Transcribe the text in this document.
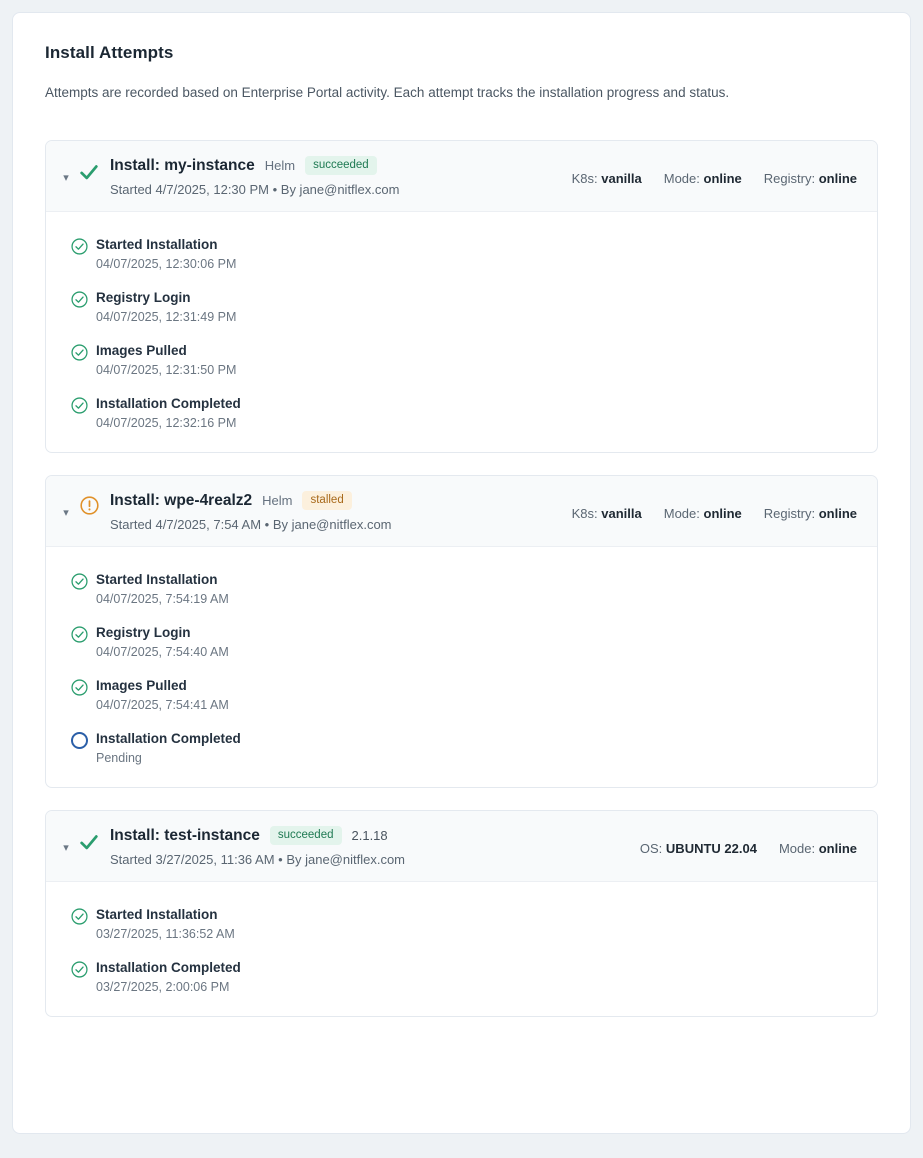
Install Attempts
Attempts are recorded based on Enterprise Portal activity. Each attempt tracks the installation progress and status.
▾
Install: my-instance Helm	succeeded
Started 4/7/2025, 12:30 PM • By jane@nitflex.com
K8s: vanilla Mode: online Registry: online
Started Installation
04/07/2025, 12:30:06 PM
Registry Login
04/07/2025, 12:31:49 PM
Images Pulled
04/07/2025, 12:31:50 PM
Installation Completed
04/07/2025, 12:32:16 PM
▾
Install: wpe-4realz2 Helm	stalled
Started 4/7/2025, 7:54 AM • By jane@nitflex.com
K8s: vanilla Mode: online Registry: online
Started Installation
04/07/2025, 7:54:19 AM
Registry Login
04/07/2025, 7:54:40 AM
Images Pulled
04/07/2025, 7:54:41 AM
Installation Completed
Pending
▾
Install: test-instance	succeeded	2.1.18
Started 3/27/2025, 11:36 AM • By jane@nitflex.com
OS: UBUNTU 22.04 Mode: online
Started Installation
03/27/2025, 11:36:52 AM
Installation Completed
03/27/2025, 2:00:06 PM
